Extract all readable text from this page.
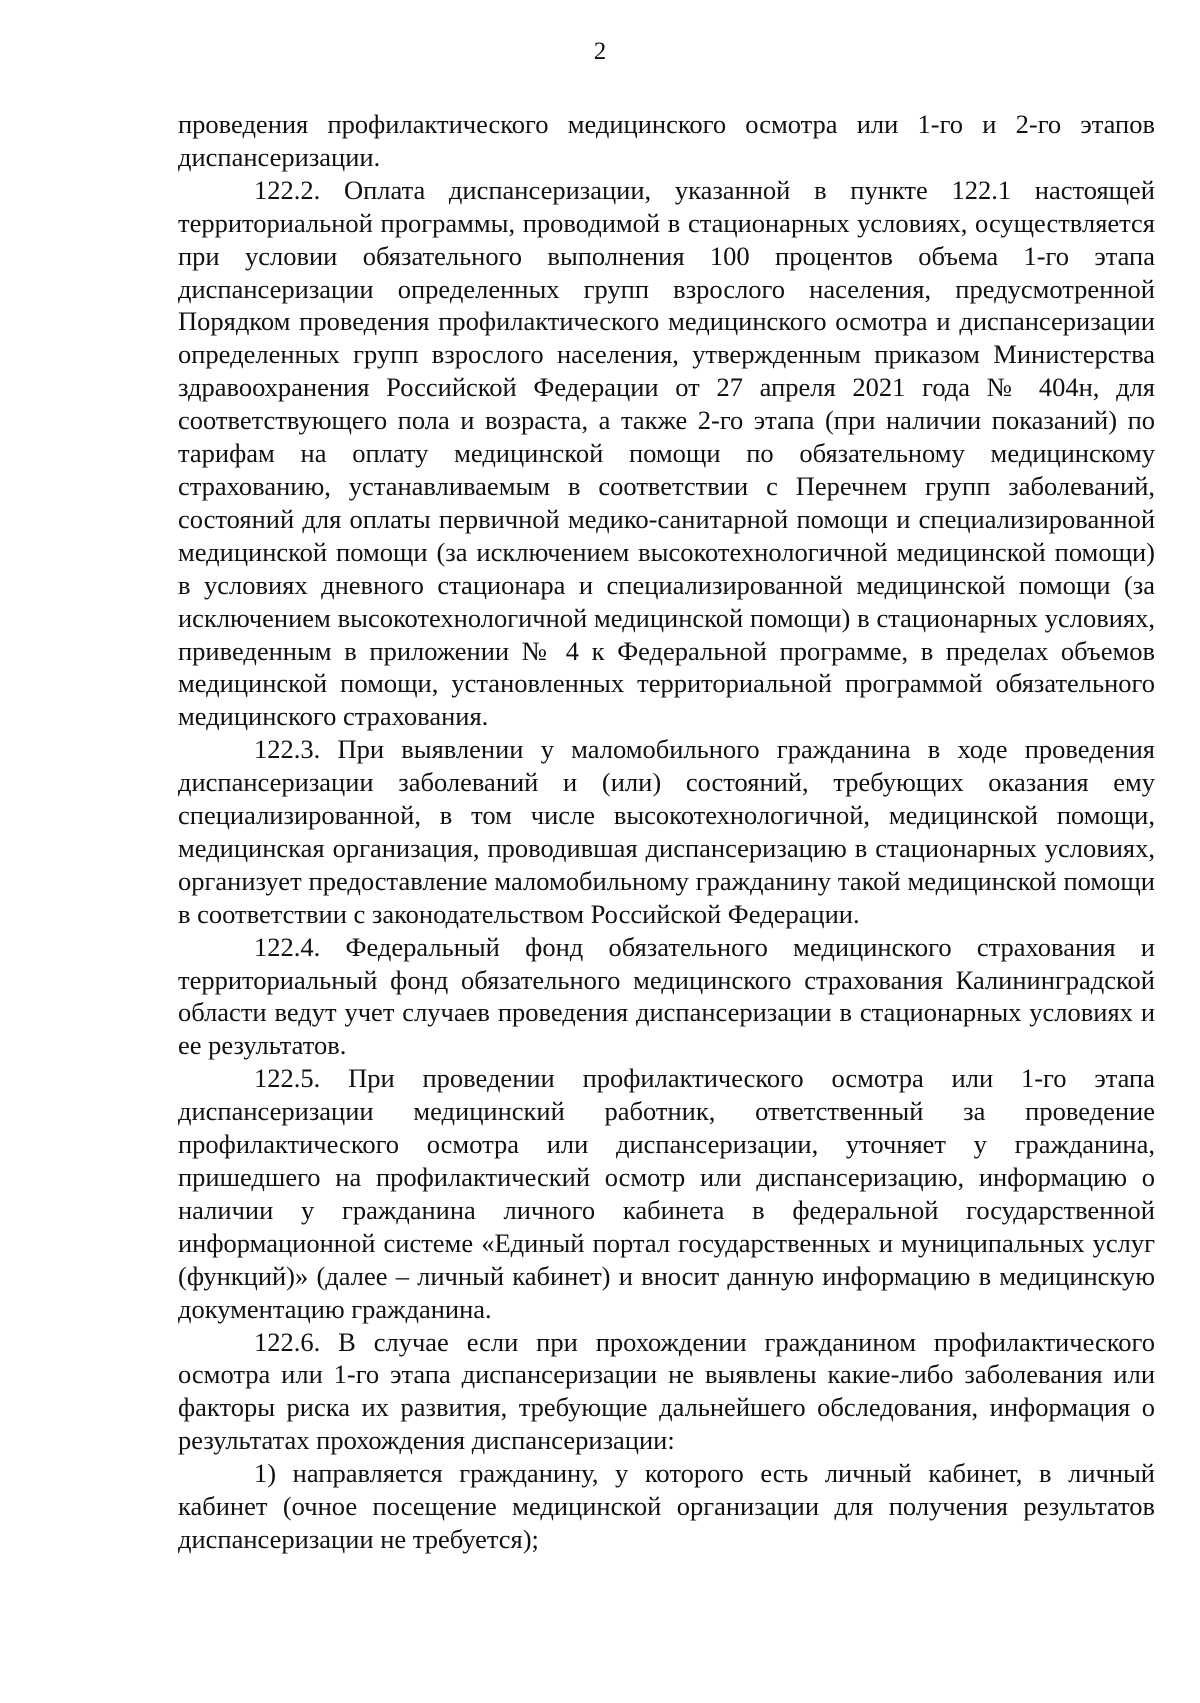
2

проведения профилактического медицинского осмотра или 1-го и 2-го этапов диспансеризации.

122.2. Оплата диспансеризации, указанной в пункте 122.1 настоящей территориальной программы, проводимой в стационарных условиях, осуществляется при условии обязательного выполнения 100 процентов объема 1-го этапа диспансеризации определенных групп взрослого населения, предусмотренной Порядком проведения профилактического медицинского осмотра и диспансеризации определенных групп взрослого населения, утвержденным приказом Министерства здравоохранения Российской Федерации от 27 апреля 2021 года № 404н, для соответствующего пола и возраста, а также 2-го этапа (при наличии показаний) по тарифам на оплату медицинской помощи по обязательному медицинскому страхованию, устанавливаемым в соответствии с Перечнем групп заболеваний, состояний для оплаты первичной медико-санитарной помощи и специализированной медицинской помощи (за исключением высокотехнологичной медицинской помощи) в условиях дневного стационара и специализированной медицинской помощи (за исключением высокотехнологичной медицинской помощи) в стационарных условиях, приведенным в приложении № 4 к Федеральной программе, в пределах объемов медицинской помощи, установленных территориальной программой обязательного медицинского страхования.

122.3. При выявлении у маломобильного гражданина в ходе проведения диспансеризации заболеваний и (или) состояний, требующих оказания ему специализированной, в том числе высокотехнологичной, медицинской помощи, медицинская организация, проводившая диспансеризацию в стационарных условиях, организует предоставление маломобильному гражданину такой медицинской помощи в соответствии с законодательством Российской Федерации.

122.4. Федеральный фонд обязательного медицинского страхования и территориальный фонд обязательного медицинского страхования Калининградской области ведут учет случаев проведения диспансеризации в стационарных условиях и ее результатов.

122.5. При проведении профилактического осмотра или 1-го этапа диспансеризации медицинский работник, ответственный за проведение профилактического осмотра или диспансеризации, уточняет у гражданина, пришедшего на профилактический осмотр или диспансеризацию, информацию о наличии у гражданина личного кабинета в федеральной государственной информационной системе «Единый портал государственных и муниципальных услуг (функций)» (далее – личный кабинет) и вносит данную информацию в медицинскую документацию гражданина.

122.6. В случае если при прохождении гражданином профилактического осмотра или 1-го этапа диспансеризации не выявлены какие-либо заболевания или факторы риска их развития, требующие дальнейшего обследования, информация о результатах прохождения диспансеризации:

1) направляется гражданину, у которого есть личный кабинет, в личный кабинет (очное посещение медицинской организации для получения результатов диспансеризации не требуется);
